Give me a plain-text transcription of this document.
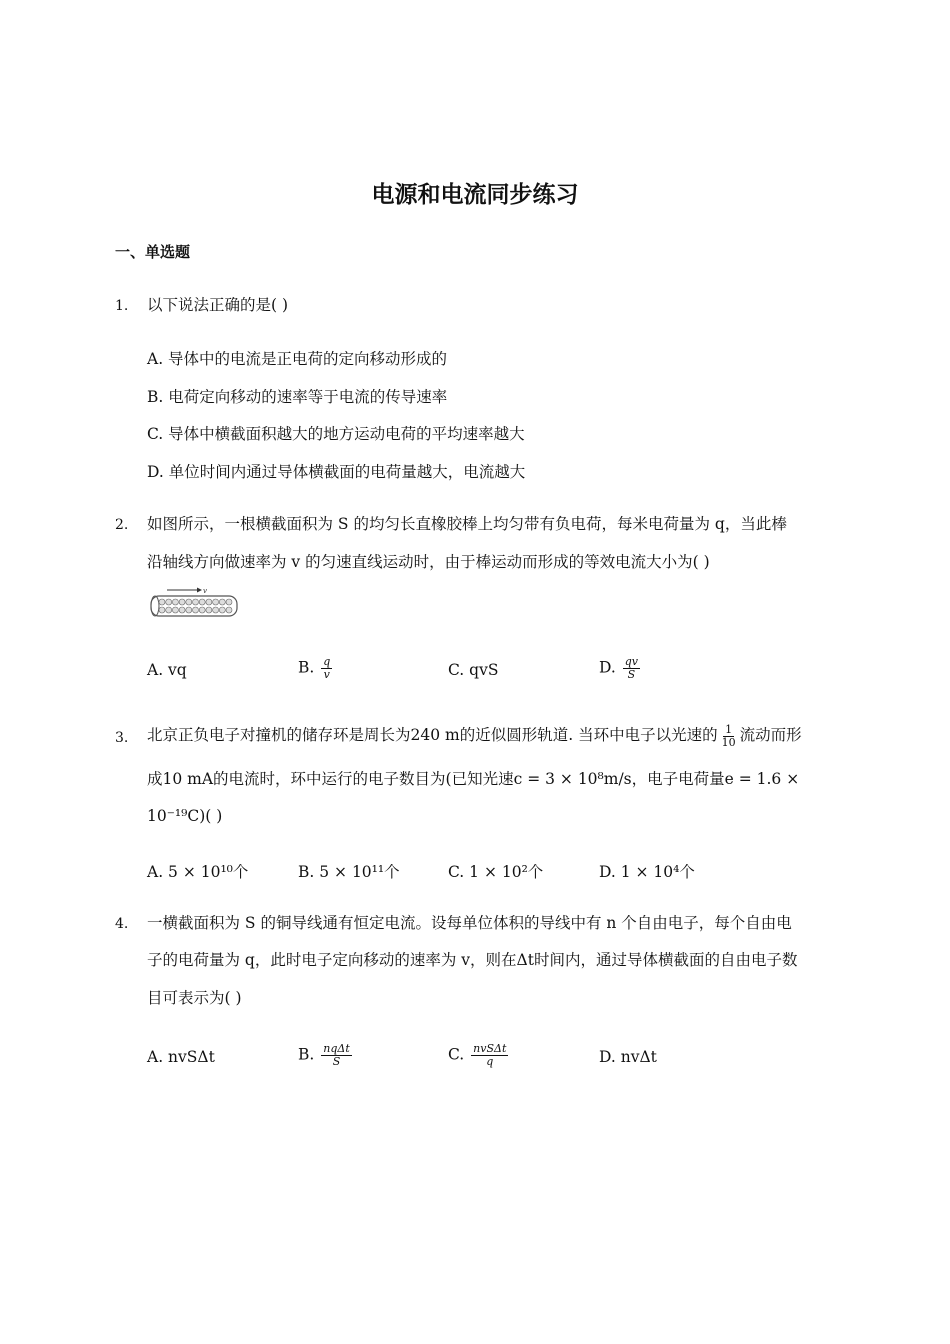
电源和电流同步练习
一、单选题
1. 以下说法正确的是( )
A. 导体中的电流是正电荷的定向移动形成的
B. 电荷定向移动的速率等于电流的传导速率
C. 导体中横截面积越大的地方运动电荷的平均速率越大
D. 单位时间内通过导体横截面的电荷量越大，电流越大
2. 如图所示，一根横截面积为 S 的均匀长直橡胶棒上均匀带有负电荷，每米电荷量为 q，当此棒
沿轴线方向做速率为 v 的匀速直线运动时，由于棒运动而形成的等效电流大小为( )
v
A. vq	B. $\frac{q}{v}$	C. qvS	D. $\frac{qv}{S}$
3. 北京正负电子对撞机的储存环是周长为240 m的近似圆形轨道. 当环中电子以光速的 $\frac{1}{10}$ 流动而形
成10 mA的电流时，环中运行的电子数目为(已知光速c = 3 × 10⁸m/s，电子电荷量e = 1.6 ×
10⁻¹⁹C)( )
A. 5 × 10¹⁰个	B. 5 × 10¹¹个	C. 1 × 10²个	D. 1 × 10⁴个
4. 一横截面积为 S 的铜导线通有恒定电流。设每单位体积的导线中有 n 个自由电子，每个自由电
子的电荷量为 q，此时电子定向移动的速率为 v，则在Δt时间内，通过导体横截面的自由电子数
目可表示为( )
A. nvSΔt	B. $\frac{\text{nqΔt}}{S}$	C. $\frac{\text{nvSΔt}}{q}$	D. nvΔt
